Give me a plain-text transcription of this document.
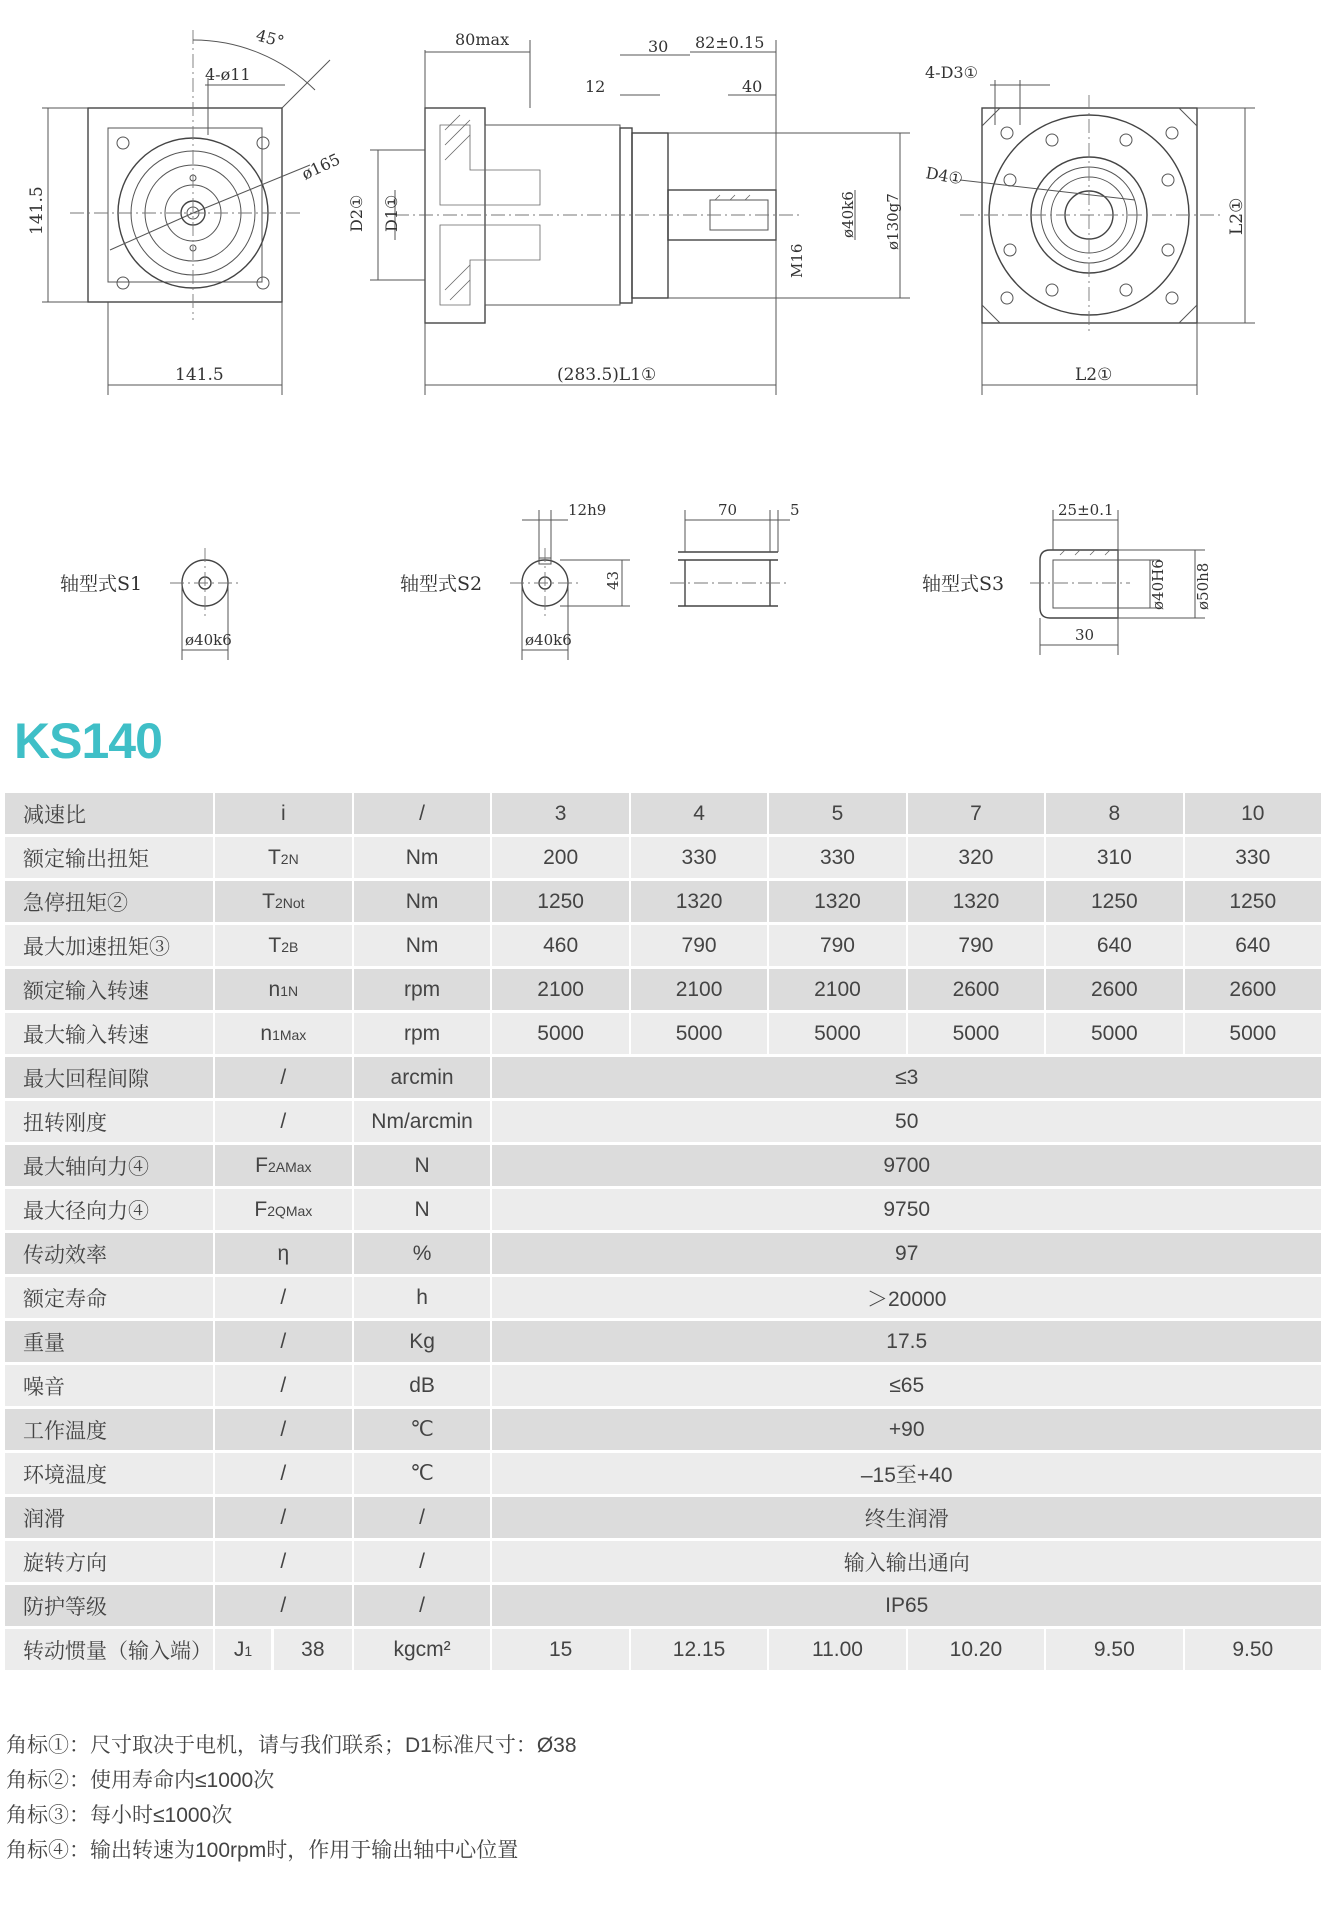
45°
4-ø11
ø165
141.5
141.5
80max	30 82±0.15
12	40
D2① D1①	ø40k6 ø130g7
M16
(283.5)L1①
4-D3①
D4①
L2①
L2①
轴型式S1
ø40k6
轴型式S2
12h9
43
ø40k6
70	5
轴型式S3
25±0.1
ø40H6 ø50h8
30
KS140
减速比	i	/	3	4	5	7	8	10
额定输出扭矩	T2N	Nm	200	330	330	320	310	330
急停扭矩②	T2Not	Nm	1250	1320	1320	1320	1250	1250
最大加速扭矩③	T2B	Nm	460	790	790	790	640	640
额定输入转速	n1N	rpm	2100	2100	2100	2600	2600	2600
最大输入转速	n1Max	rpm	5000	5000	5000	5000	5000	5000
最大回程间隙	/	arcmin	≤3					
扭转刚度	/	Nm/arcmin	50					
最大轴向力④	F2AMax	N	9700					
最大径向力④	F2QMax	N	9750					
传动效率	η	%	97					
额定寿命	/	h	＞20000					
重量	/	Kg	17.5					
噪音	/	dB	≤65					
工作温度	/	℃	+90					
环境温度	/	℃	–15至+40					
润滑	/	/	终生润滑					
旋转方向	/	/	输入输出通向					
防护等级	/	/	IP65					
转动惯量（输入端）	J1 38	kgcm²	15	12.15	11.00	10.20	9.50	9.50
角标①：尺寸取决于电机，请与我们联系；D1标准尺寸：Ø38
角标②：使用寿命内≤1000次
角标③：每小时≤1000次
角标④：输出转速为100rpm时，作用于输出轴中心位置
